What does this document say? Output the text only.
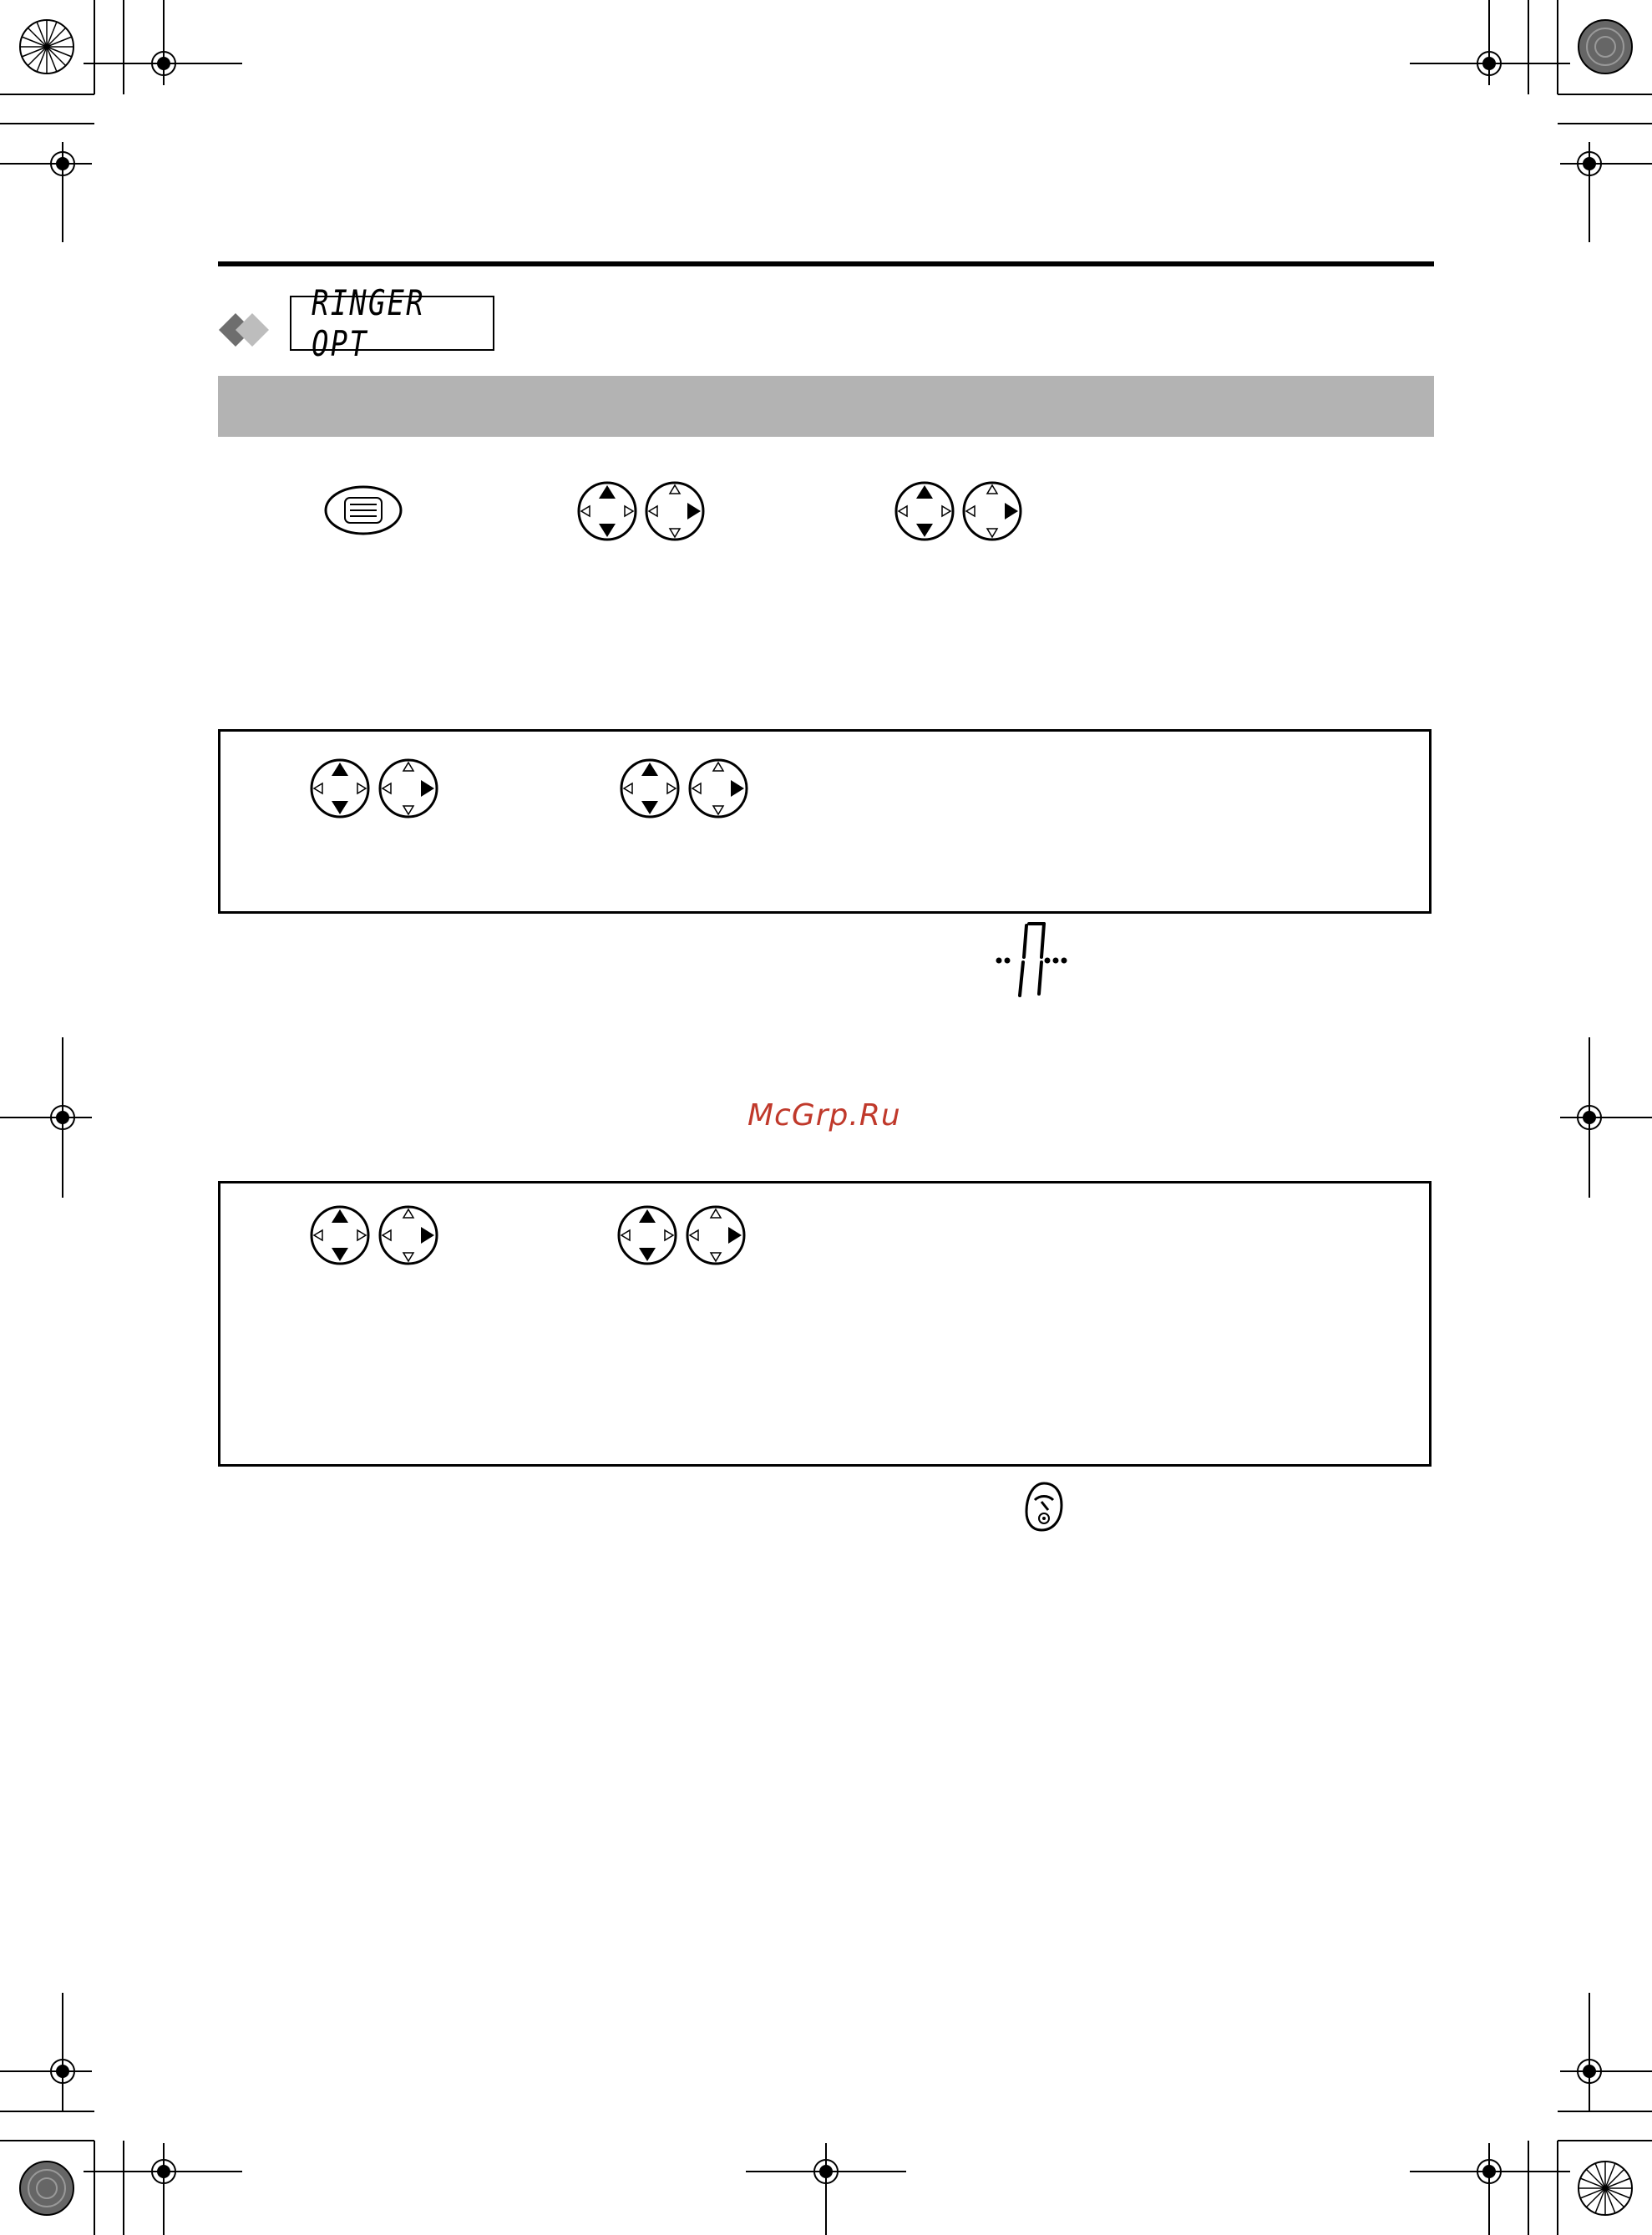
RINGER OPT
McGrp.Ru
